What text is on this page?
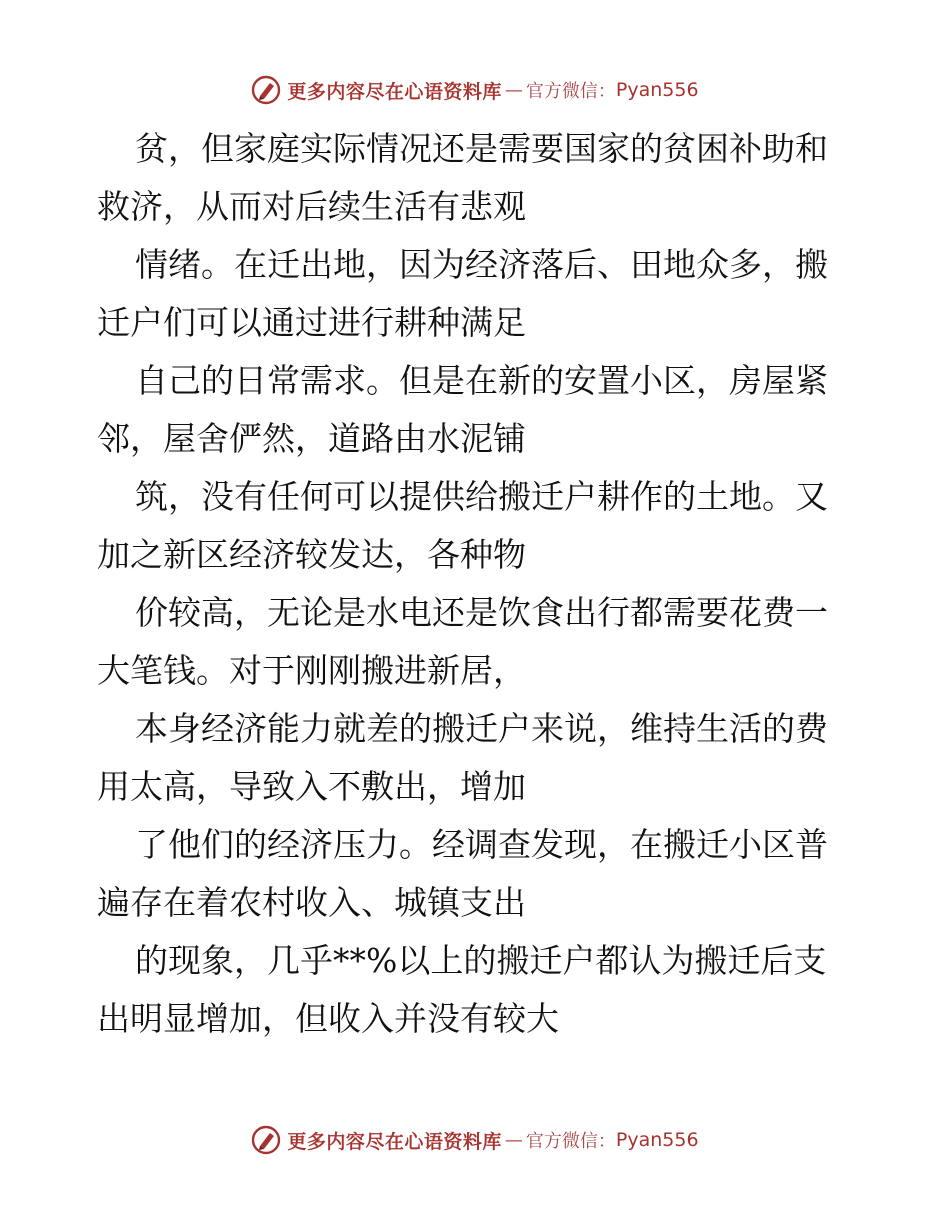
更多内容尽在心语资料库 — 官方微信： Pyan556
贫，但家庭实际情况还是需要国家的贫困补助和
救济，从而对后续生活有悲观
情绪。在迁出地，因为经济落后、田地众多，搬
迁户们可以通过进行耕种满足
自己的日常需求。但是在新的安置小区，房屋紧
邻，屋舍俨然，道路由水泥铺
筑，没有任何可以提供给搬迁户耕作的土地。又
加之新区经济较发达，各种物
价较高，无论是水电还是饮食出行都需要花费一
大笔钱。对于刚刚搬进新居，
本身经济能力就差的搬迁户来说，维持生活的费
用太高，导致入不敷出，增加
了他们的经济压力。经调查发现，在搬迁小区普
遍存在着农村收入、城镇支出
的现象，几乎**%以上的搬迁户都认为搬迁后支
出明显增加，但收入并没有较大
更多内容尽在心语资料库 — 官方微信： Pyan556
